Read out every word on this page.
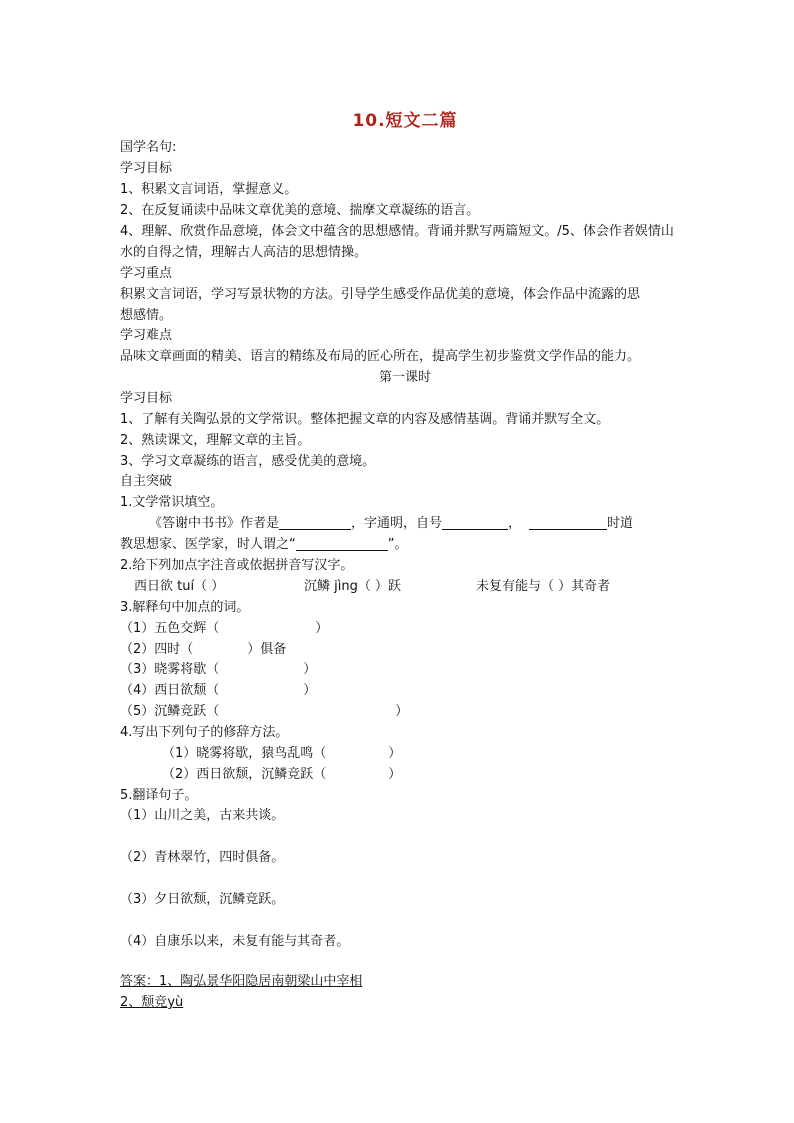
10.短文二篇
国学名句:
学习目标
1、积累文言词语，掌握意义。
2、在反复诵读中品味文章优美的意境、揣摩文章凝练的语言。
4、理解、欣赏作品意境，体会文中蕴含的思想感情。背诵并默写两篇短文。/5、体会作者娱情山
水的自得之情，理解古人高洁的思想情操。
学习重点
积累文言词语，学习写景状物的方法。引导学生感受作品优美的意境，体会作品中流露的思
想感情。
学习难点
品味文章画面的精美、语言的精练及布局的匠心所在，提高学生初步鉴赏文学作品的能力。
第一课时
学习目标
1、了解有关陶弘景的文学常识。整体把握文章的内容及感情基调。背诵并默写全文。
2、熟读课文，理解文章的主旨。
3、学习文章凝练的语言，感受优美的意境。
自主突破
1.文学常识填空。
《答谢中书书》作者是	，字通明，自号	，	时道
教思想家、医学家，时人谓之“	”。
2.给下列加点字注音或依据拼音写汉字。
西日欲 tuí（ ）	沉鳞 jìng（ ）跃	未复有能与（ ）其奇者
3.解释句中加点的词。
（1）五色交辉（	）
（2）四时（	）俱备
（3）晓雾将歇（	）
（4）西日欲颓（	）
（5）沉鳞竞跃（	）
4.写出下列句子的修辞方法。
（1）晓雾将歇，猿鸟乱鸣（	）
（2）西日欲颓，沉鳞竞跃（	）
5.翻译句子。
（1）山川之美，古来共谈。
（2）青林翠竹，四时俱备。
（3）夕日欲颓，沉鳞竞跃。
（4）自康乐以来，未复有能与其奇者。
答案：1、陶弘景华阳隐居南朝梁山中宰相
2、颓竞yù
